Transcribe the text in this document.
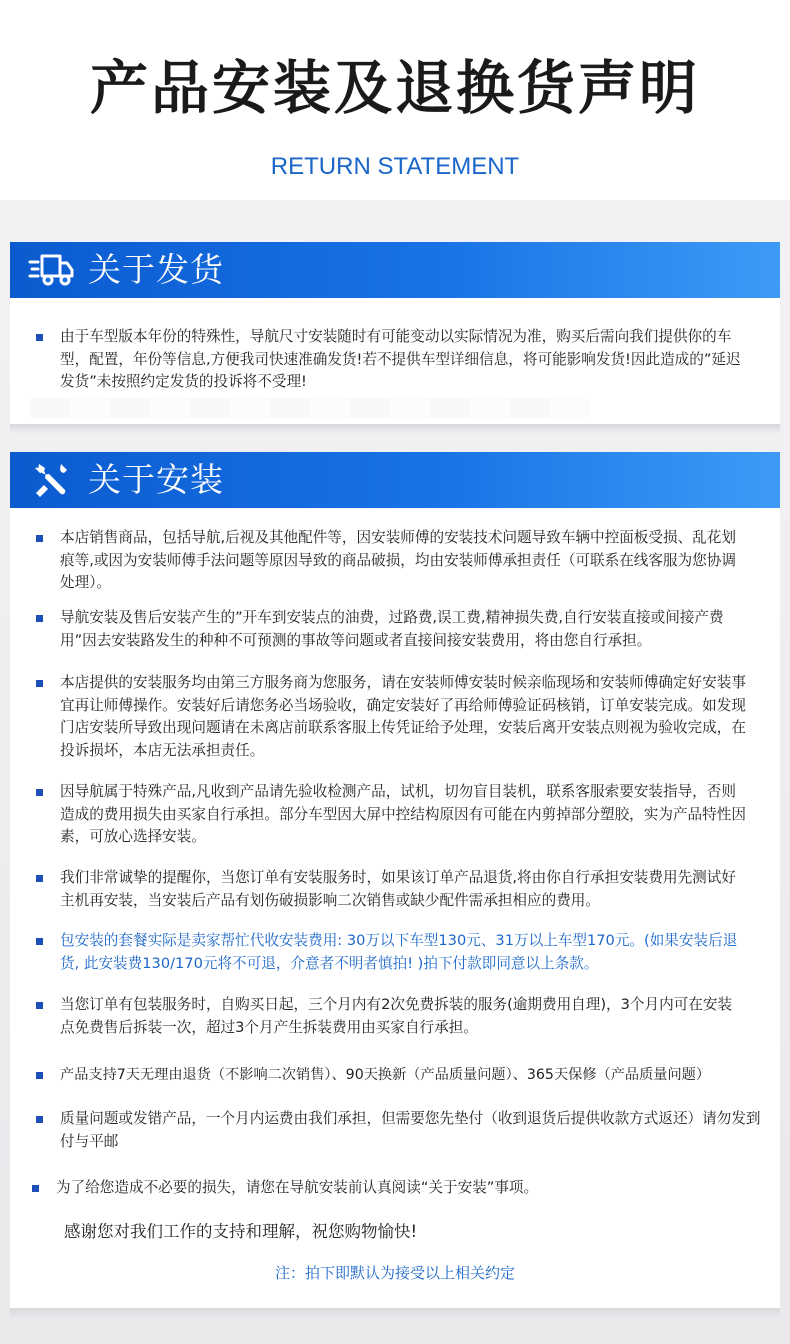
产品安装及退换货声明
RETURN STATEMENT
关于发货
由于车型版本年份的特殊性，导航尺寸安装随时有可能变动以实际情况为准，购买后需向我们提供你的车型，配置，年份等信息,方便我司快速准确发货!若不提供车型详细信息，将可能影响发货!因此造成的”延迟发货”未按照约定发货的投诉将不受理!
关于安装
本店销售商品，包括导航,后视及其他配件等，因安装师傅的安装技术问题导致车辆中控面板受损、乱花划痕等,或因为安装师傅手法问题等原因导致的商品破损，均由安装师傅承担责任（可联系在线客服为您协调处理）。
导航安装及售后安装产生的”开车到安装点的油费，过路费,误工费,精神损失费,自行安装直接或间接产费用”因去安装路发生的种种不可预测的事故等问题或者直接间接安装费用，将由您自行承担。
本店提供的安装服务均由第三方服务商为您服务，请在安装师傅安装时候亲临现场和安装师傅确定好安装事宜再让师傅操作。安装好后请您务必当场验收，确定安装好了再给师傅验证码核销，订单安装完成。如发现门店安装所导致出现问题请在未离店前联系客服上传凭证给予处理，安装后离开安装点则视为验收完成，在投诉损坏，本店无法承担责任。
因导航属于特殊产品,凡收到产品请先验收检测产品，试机，切勿盲目装机，联系客服索要安装指导，否则造成的费用损失由买家自行承担。部分车型因大屏中控结构原因有可能在内剪掉部分塑胶，实为产品特性因素，可放心选择安装。
我们非常诚挚的提醒你，当您订单有安装服务时，如果该订单产品退货,将由你自行承担安装费用先测试好主机再安装，当安装后产品有划伤破损影响二次销售或缺少配件需承担相应的费用。
包安装的套餐实际是卖家帮忙代收安装费用: 30万以下车型130元、31万以上车型170元。(如果安装后退货, 此安装费130/170元将不可退，介意者不明者慎拍! )拍下付款即同意以上条款。
当您订单有包装服务时，自购买日起，三个月内有2次免费拆装的服务(逾期费用自理)，3个月内可在安装点免费售后拆装一次，超过3个月产生拆装费用由买家自行承担。
产品支持7天无理由退货（不影响二次销售）、90天换新（产品质量问题）、365天保修（产品质量问题）
质量问题或发错产品，一个月内运费由我们承担，但需要您先垫付（收到退货后提供收款方式返还）请勿发到付与平邮
为了给您造成不必要的损失，请您在导航安装前认真阅读“关于安装”事项。
感谢您对我们工作的支持和理解，祝您购物愉快!
注：拍下即默认为接受以上相关约定
